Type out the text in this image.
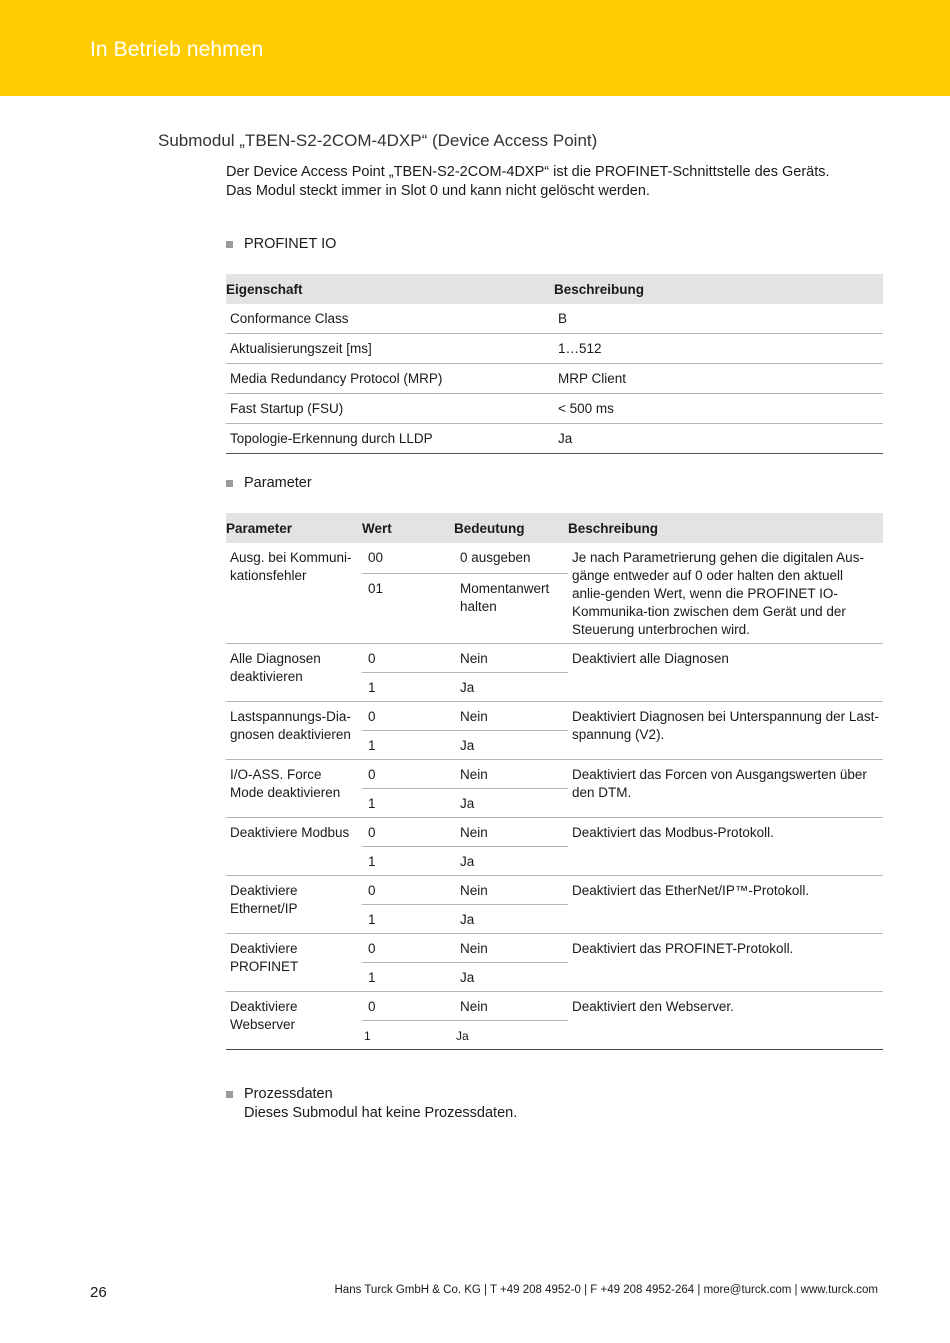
In Betrieb nehmen
Submodul „TBEN-S2-2COM-4DXP“ (Device Access Point)
Der Device Access Point „TBEN-S2-2COM-4DXP“ ist die PROFINET-Schnittstelle des Geräts.
Das Modul steckt immer in Slot 0 und kann nicht gelöscht werden.
PROFINET IO
Eigenschaft	Beschreibung
Conformance Class	B
Aktualisierungszeit [ms]	1…512
Media Redundancy Protocol (MRP)	MRP Client
Fast Startup (FSU)	< 500 ms
Topologie-Erkennung durch LLDP	Ja
Parameter
Parameter	Wert	Bedeutung	Beschreibung
Ausg. bei Kommuni-kationsfehler	00	0 ausgeben	Je nach Parametrierung gehen die digitalen Aus-gänge entweder auf 0 oder halten den aktuell anlie-genden Wert, wenn die PROFINET IO-Kommunika-tion zwischen dem Gerät und der Steuerung unterbrochen wird.
	01	Momentanwert halten	
Alle Diagnosen deaktivieren	0	Nein	Deaktiviert alle Diagnosen
	1	Ja	
Lastspannungs-Dia-gnosen deaktivieren	0	Nein	Deaktiviert Diagnosen bei Unterspannung der Last-spannung (V2).
	1	Ja	
I/O-ASS. Force Mode deaktivieren	0	Nein	Deaktiviert das Forcen von Ausgangswerten über den DTM.
	1	Ja	
Deaktiviere Modbus	0	Nein	Deaktiviert das Modbus-Protokoll.
	1	Ja	
Deaktiviere Ethernet/IP	0	Nein	Deaktiviert das EtherNet/IP™-Protokoll.
	1	Ja	
Deaktiviere PROFINET	0	Nein	Deaktiviert das PROFINET-Protokoll.
	1	Ja	
Deaktiviere Webserver	0	Nein	Deaktiviert den Webserver.
	1	Ja	
Prozessdaten
Dieses Submodul hat keine Prozessdaten.
26	Hans Turck GmbH & Co. KG | T +49 208 4952-0 | F +49 208 4952-264 | more@turck.com | www.turck.com
